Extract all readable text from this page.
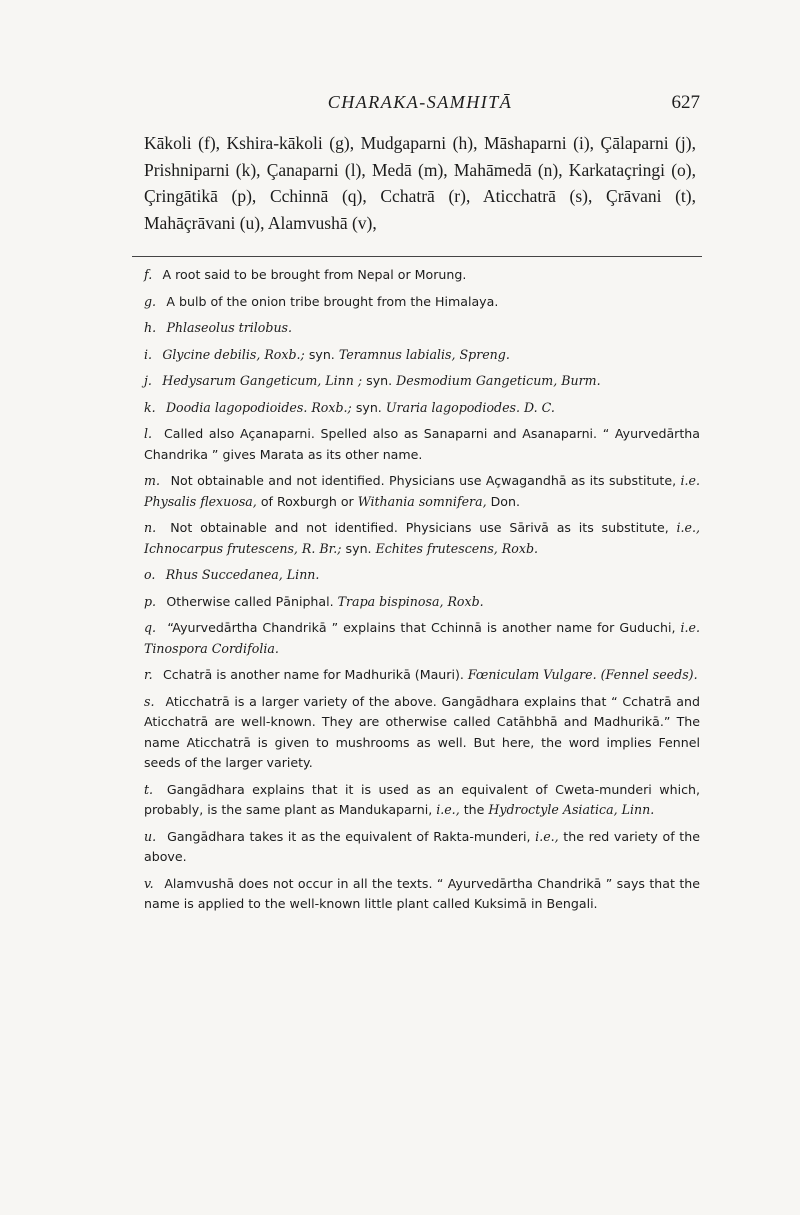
CHARAKA-SAMHITĀ	627
Kākoli (f), Kshira-kākoli (g), Mudgaparni (h), Māshaparni (i), Çālaparni (j), Prishniparni (k), Çanaparni (l), Medā (m), Mahāmedā (n), Karkataçringi (o), Çringātikā (p), Cchinnā (q), Cchatrā (r), Aticchatrā (s), Çrāvani (t), Mahāçrāvani (u), Alamvushā (v),

f.  A root said to be brought from Nepal or Morung.

g.  A bulb of the onion tribe brought from the Himalaya.

h.  Phlaseolus trilobus.

i.  Glycine debilis, Roxb.; syn. Teramnus labialis, Spreng.

j.  Hedysarum Gangeticum, Linn ; syn. Desmodium Gangeticum, Burm.

k.  Doodia lagopodioides. Roxb.; syn. Uraria lagopodiodes. D. C.

l.  Called also Açanaparni. Spelled also as Sanaparni and Asanaparni. “ Ayurvedārtha Chandrika ” gives Marata as its other name.

m.  Not obtainable and not identified. Physicians use Açwagandhā as its substitute, i.e. Physalis flexuosa, of Roxburgh or Withania somnifera, Don.

n.  Not obtainable and not identified. Physicians use Sārivā as its substitute, i.e., Ichnocarpus frutescens, R. Br.; syn. Echites frutescens, Roxb.

o.  Rhus Succedanea, Linn.

p.  Otherwise called Pāniphal. Trapa bispinosa, Roxb.

q.  “Ayurvedārtha Chandrikā ” explains that Cchinnā is another name for Guduchi, i.e. Tinospora Cordifolia.

r.  Cchatrā is another name for Madhurikā (Mauri). Fœniculam Vulgare. (Fennel seeds).

s.  Aticchatrā is a larger variety of the above. Gangādhara explains that “ Cchatrā and Aticchatrā are well-known. They are otherwise called Catāhbhā and Madhurikā.” The name Aticchatrā is given to mushrooms as well. But here, the word implies Fennel seeds of the larger variety.

t.  Gangādhara explains that it is used as an equivalent of Cweta-munderi which, probably, is the same plant as Mandukaparni, i.e., the Hydroctyle Asiatica, Linn.

u.  Gangādhara takes it as the equivalent of Rakta-munderi, i.e., the red variety of the above.

v.  Alamvushā does not occur in all the texts. “ Ayurvedārtha Chandrikā ” says that the name is applied to the well-known little plant called Kuksimā in Bengali.
